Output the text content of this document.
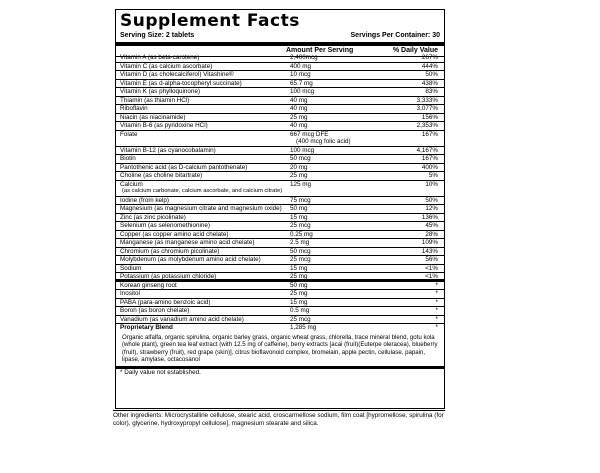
Supplement Facts
Serving Size: 2 tablets	Servings Per Container: 30
Amount Per Serving	% Daily Value
Vitamin A (as beta-carotene)	2,400mcg	267%
Vitamin C (as calcium ascorbate)	400 mg	444%
Vitamin D (as cholecalciferol) Vitashine®	10 mcg	50%
Vitamin E (as d-alpha-tocopheryl succinate)	65.7 mg	438%
Vitamin K (as phylloquinone)	100 mcg	83%
Thiamin (as thiamin HCl)	40 mg	3,333%
Riboflavin	40 mg	3,077%
Niacin (as niacinamide)	25 mg	156%
Vitamin B-6 (as pyridoxine HCl)	40 mg	2,353%
Folate	667 mcg DFE	167%
(400 mcg folic acid)
Vitamin B-12 (as cyanocobalamin)	100 mcg	4,167%
Biotin	50 mcg	167%
Pantothenic acid (as D-calcium pantothenate)	20 mg	400%
Choline (as choline bitartrate)	25 mg	5%
Calcium	125 mg	10%
(as calcium carbonate, calcium ascorbate, and calcium citrate)
Iodine (from kelp)	75 mcg	50%
Magnesium (as magnesium citrate and magnesium oxide) 50 mg	12%
Zinc (as zinc picolinate)	15 mg	136%
Selenium (as selenomethionine)	25 mcg	45%
Copper (as copper amino acid chelate)	0.25 mg	28%
Manganese (as manganese amino acid chelate)	2.5 mg	109%
Chromium (as chromium picolinate)	50 mcg	143%
Molybdenum (as molybdenum amino acid chelate)	25 mcg	56%
Sodium	15 mg	<1%
Potassium (as potassium chloride)	25 mg	<1%
Korean ginseng root	50 mg	*
Inositol	25 mg	*
PABA (para-amino benzoic acid)	15 mg	*
Boron (as boron chelate)	0.5 mg	*
Vanadium (as vanadium amino acid chelate)	25 mcg	*
Proprietary Blend	1,285 mg	*
Organic alfalfa, organic spirulina, organic barley grass, organic wheat grass, chlorella, trace mineral blend, gotu kola (whole plant), green tea leaf extract (with 12.5 mg of caffeine), berry extracts [acai (fruit)(Euterpe oleracea), blueberry (fruit), strawberry (fruit), red grape (skin)], citrus bioflavonoid complex, bromelain, apple pectin, cellulase, papain, lipase, amylase, octacosanol
* Daily value not established.
Other ingredients: Microcrystalline cellulose, stearic acid, croscarmellose sodium, film coat [hypromellose, spirulina (for color), glycerine, hydroxypropyl cellulose], magnesium stearate and silica.
